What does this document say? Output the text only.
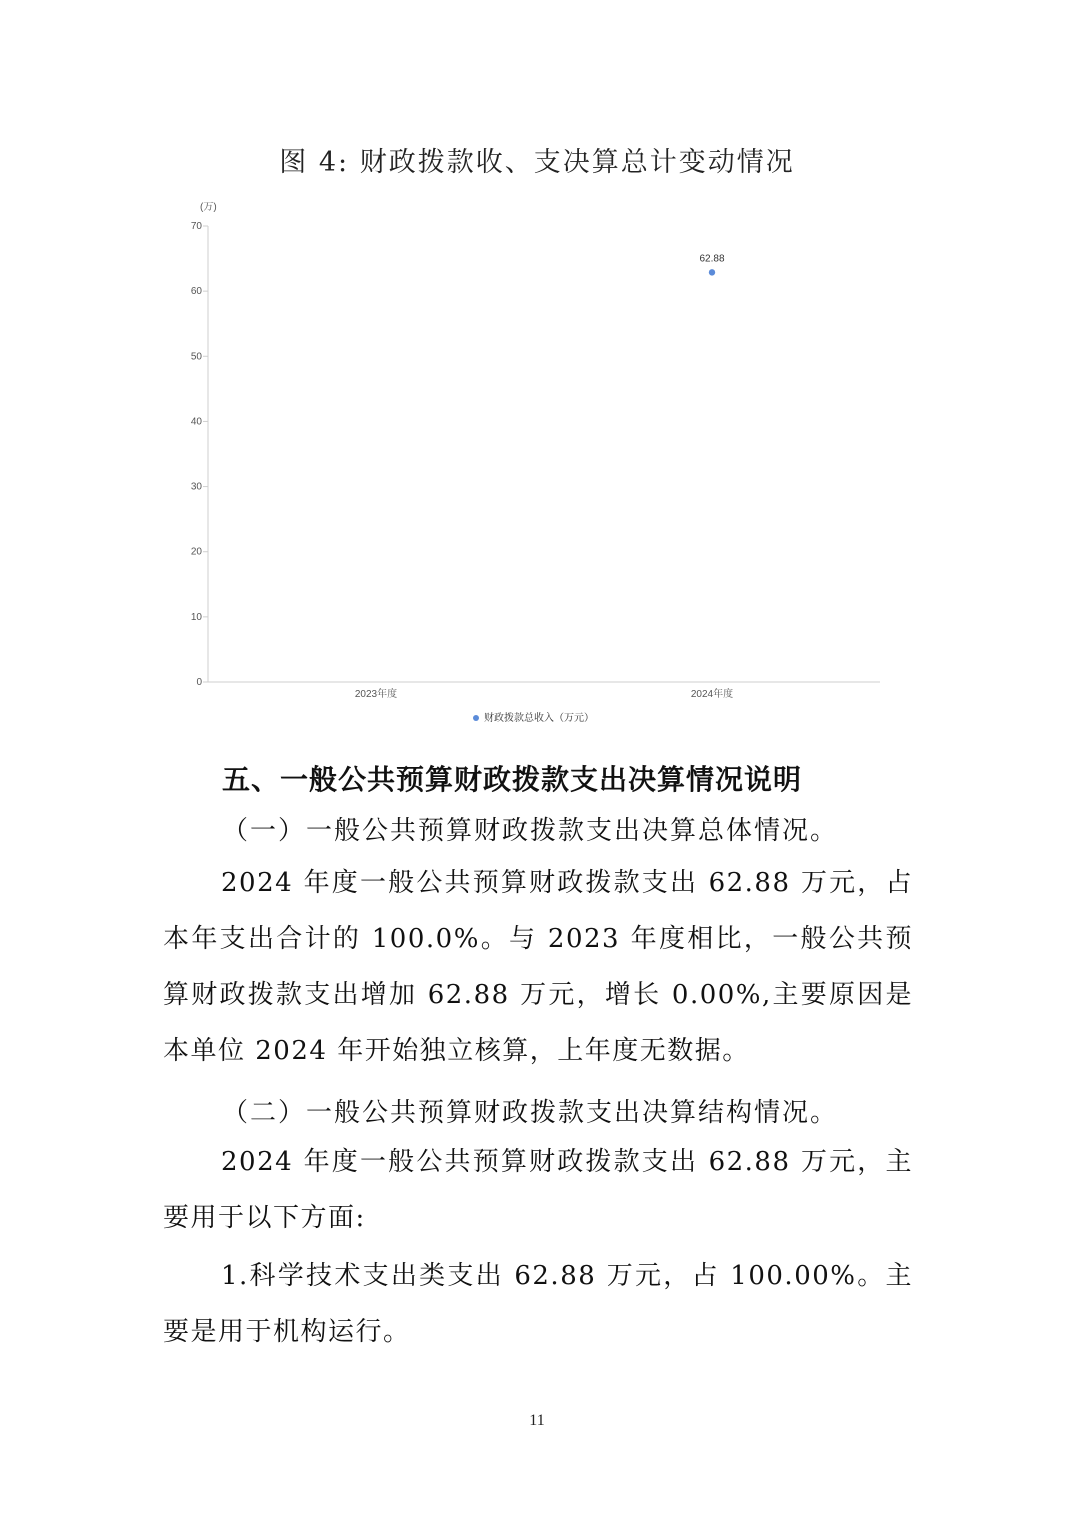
图 4: 财政拨款收、支决算总计变动情况
(万)
0
10
20
30
40
50
60
70
2023年度	2024年度
62.88
财政拨款总收入（万元）
五、一般公共预算财政拨款支出决算情况说明
（一）一般公共预算财政拨款支出决算总体情况。
2024 年度一般公共预算财政拨款支出 62.88 万元，占本年支出合计的 100.0%。与 2023 年度相比，一般公共预算财政拨款支出增加 62.88 万元，增长 0.00%,主要原因是本单位 2024 年开始独立核算，上年度无数据。
（二）一般公共预算财政拨款支出决算结构情况。
2024 年度一般公共预算财政拨款支出 62.88 万元，主要用于以下方面:
1.科学技术支出类支出 62.88 万元，占 100.00%。主要是用于机构运行。
11
